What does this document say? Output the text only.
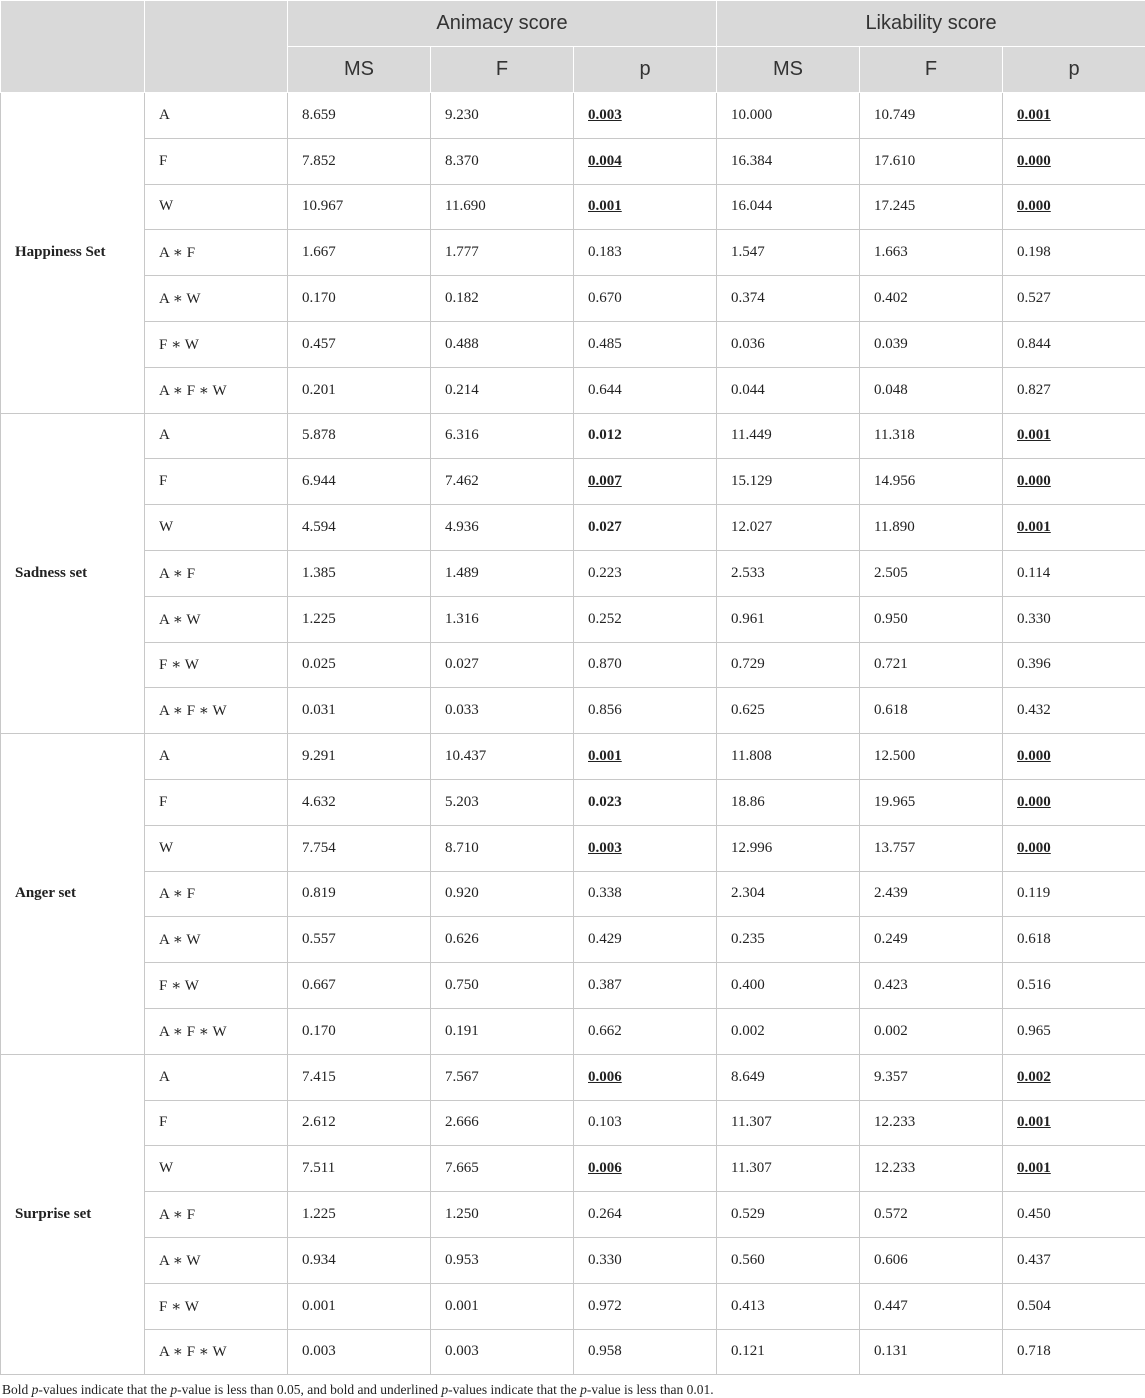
		Animacy score			Likability score		
		MS	F	p	MS	F	p
Happiness Set	A	8.659	9.230	0.003	10.000	10.749	0.001
	F	7.852	8.370	0.004	16.384	17.610	0.000
	W	10.967	11.690	0.001	16.044	17.245	0.000
	A ∗ F	1.667	1.777	0.183	1.547	1.663	0.198
	A ∗ W	0.170	0.182	0.670	0.374	0.402	0.527
	F ∗ W	0.457	0.488	0.485	0.036	0.039	0.844
	A ∗ F ∗ W	0.201	0.214	0.644	0.044	0.048	0.827
Sadness set	A	5.878	6.316	0.012	11.449	11.318	0.001
	F	6.944	7.462	0.007	15.129	14.956	0.000
	W	4.594	4.936	0.027	12.027	11.890	0.001
	A ∗ F	1.385	1.489	0.223	2.533	2.505	0.114
	A ∗ W	1.225	1.316	0.252	0.961	0.950	0.330
	F ∗ W	0.025	0.027	0.870	0.729	0.721	0.396
	A ∗ F ∗ W	0.031	0.033	0.856	0.625	0.618	0.432
Anger set	A	9.291	10.437	0.001	11.808	12.500	0.000
	F	4.632	5.203	0.023	18.86	19.965	0.000
	W	7.754	8.710	0.003	12.996	13.757	0.000
	A ∗ F	0.819	0.920	0.338	2.304	2.439	0.119
	A ∗ W	0.557	0.626	0.429	0.235	0.249	0.618
	F ∗ W	0.667	0.750	0.387	0.400	0.423	0.516
	A ∗ F ∗ W	0.170	0.191	0.662	0.002	0.002	0.965
Surprise set	A	7.415	7.567	0.006	8.649	9.357	0.002
	F	2.612	2.666	0.103	11.307	12.233	0.001
	W	7.511	7.665	0.006	11.307	12.233	0.001
	A ∗ F	1.225	1.250	0.264	0.529	0.572	0.450
	A ∗ W	0.934	0.953	0.330	0.560	0.606	0.437
	F ∗ W	0.001	0.001	0.972	0.413	0.447	0.504
	A ∗ F ∗ W	0.003	0.003	0.958	0.121	0.131	0.718
Bold p-values indicate that the p-value is less than 0.05, and bold and underlined p-values indicate that the p-value is less than 0.01.
